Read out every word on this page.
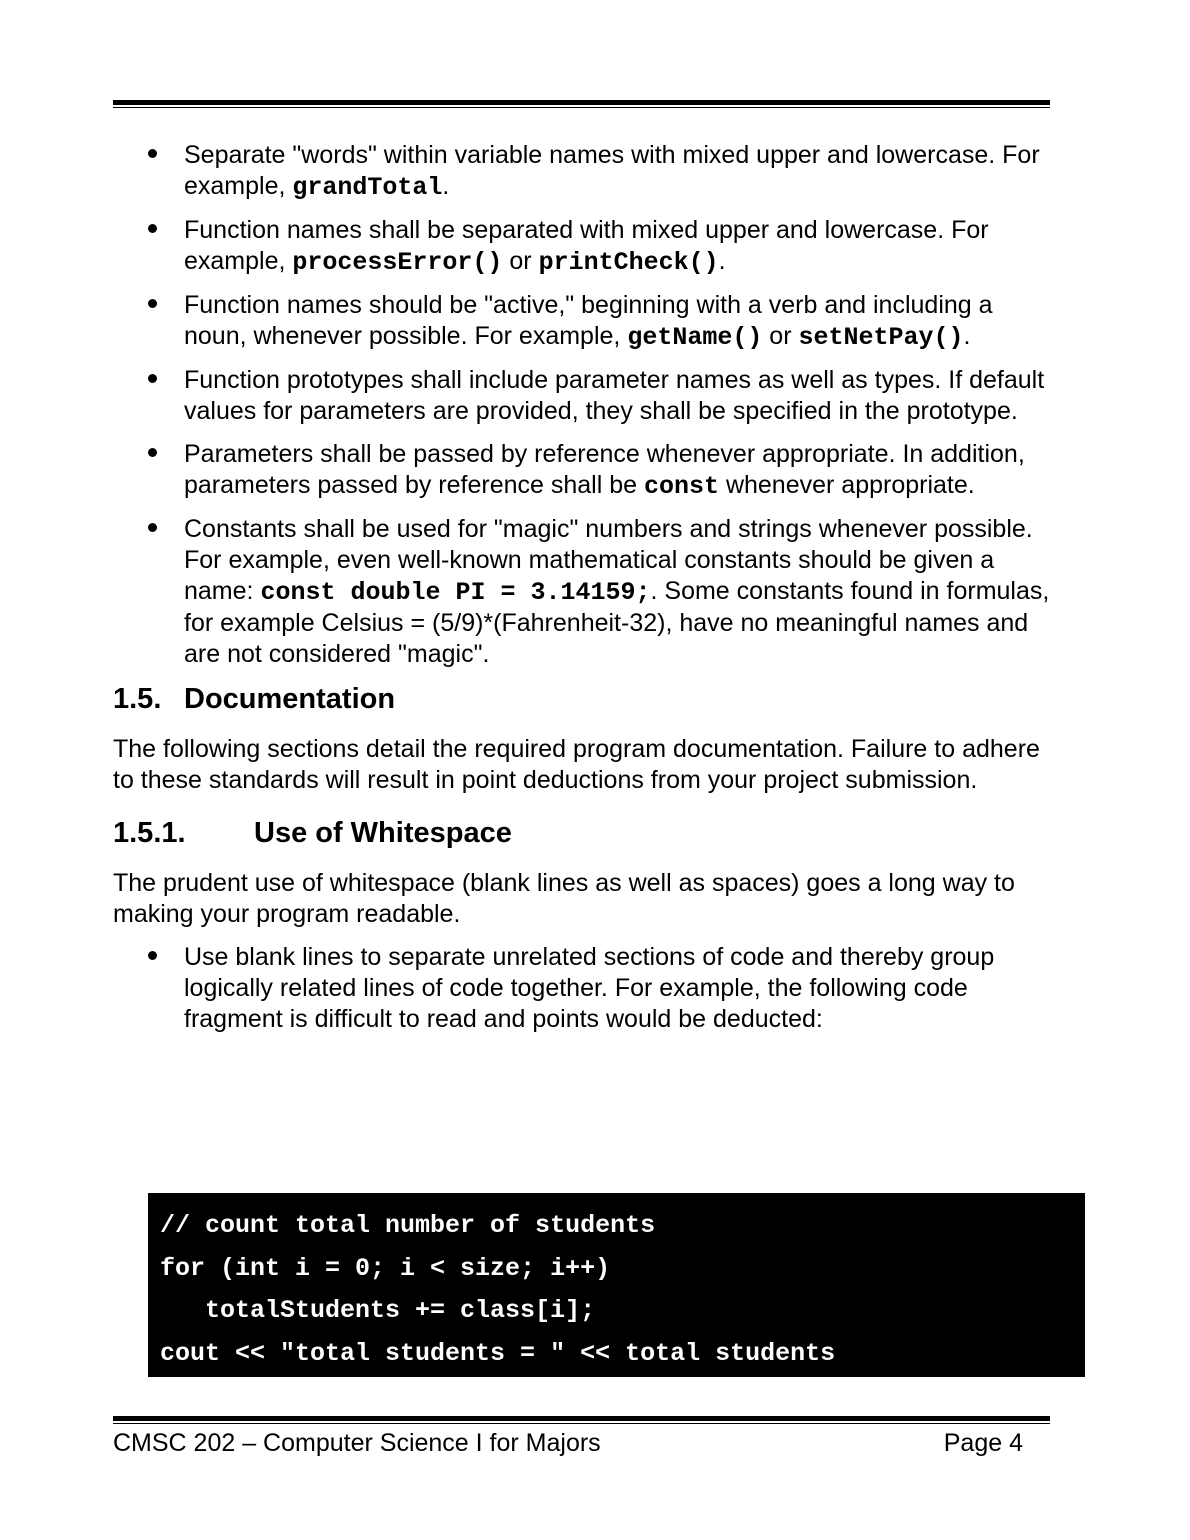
Separate "words" within variable names with mixed upper and lowercase. For example, grandTotal.
Function names shall be separated with mixed upper and lowercase. For example, processError() or printCheck().
Function names should be "active," beginning with a verb and including a noun, whenever possible. For example, getName() or setNetPay().
Function prototypes shall include parameter names as well as types. If default values for parameters are provided, they shall be specified in the prototype.
Parameters shall be passed by reference whenever appropriate. In addition, parameters passed by reference shall be const whenever appropriate.
Constants shall be used for "magic" numbers and strings whenever possible. For example, even well-known mathematical constants should be given a name: const double PI = 3.14159;. Some constants found in formulas, for example Celsius = (5/9)*(Fahrenheit-32), have no meaningful names and are not considered "magic".
1.5. Documentation

The following sections detail the required program documentation. Failure to adhere to these standards will result in point deductions from your project submission.

1.5.1. Use of Whitespace

The prudent use of whitespace (blank lines as well as spaces) goes a long way to making your program readable.

Use blank lines to separate unrelated sections of code and thereby group logically related lines of code together. For example, the following code fragment is difficult to read and points would be deducted:
// count total number of students
for (int i = 0; i < size; i++)
totalStudents += class[i];
cout << "total students = " << total students
CMSC 202 – Computer Science I for Majors	Page 4
